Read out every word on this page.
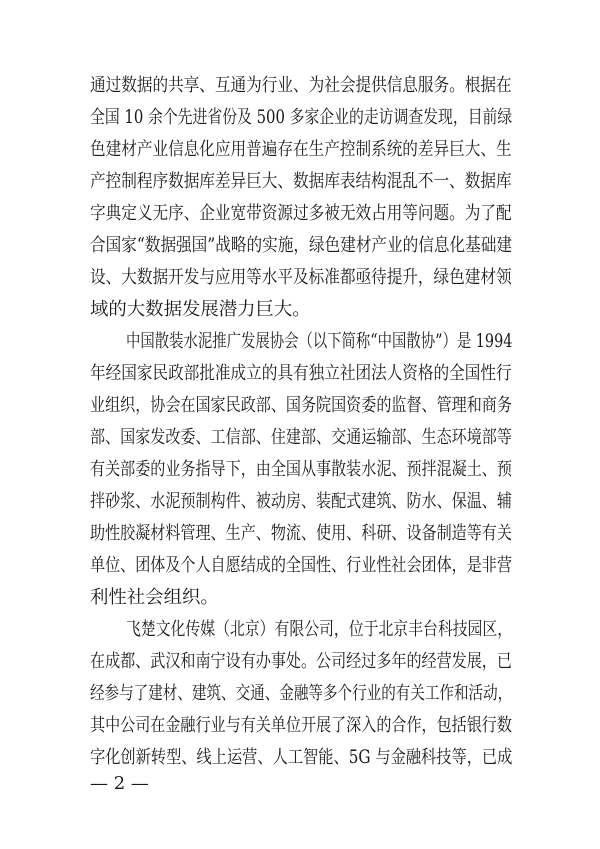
通过数据的共享、互通为行业、为社会提供信息服务。根据在
全国 10 余个先进省份及 500 多家企业的走访调查发现，目前绿
色建材产业信息化应用普遍存在生产控制系统的差异巨大、生
产控制程序数据库差异巨大、数据库表结构混乱不一、数据库
字典定义无序、企业宽带资源过多被无效占用等问题。为了配
合国家“数据强国”战略的实施，绿色建材产业的信息化基础建
设、大数据开发与应用等水平及标准都亟待提升，绿色建材领
域的大数据发展潜力巨大。
中国散装水泥推广发展协会（以下简称“中国散协”）是 1994
年经国家民政部批准成立的具有独立社团法人资格的全国性行
业组织，协会在国家民政部、国务院国资委的监督、管理和商务
部、国家发改委、工信部、住建部、交通运输部、生态环境部等
有关部委的业务指导下，由全国从事散装水泥、预拌混凝土、预
拌砂浆、水泥预制构件、被动房、装配式建筑、防水、保温、辅
助性胶凝材料管理、生产、物流、使用、科研、设备制造等有关
单位、团体及个人自愿结成的全国性、行业性社会团体，是非营
利性社会组织。
飞楚文化传媒（北京）有限公司，位于北京丰台科技园区，
在成都、武汉和南宁设有办事处。公司经过多年的经营发展，已
经参与了建材、建筑、交通、金融等多个行业的有关工作和活动，
其中公司在金融行业与有关单位开展了深入的合作，包括银行数
字化创新转型、线上运营、人工智能、5G 与金融科技等，已成
— 2 —
